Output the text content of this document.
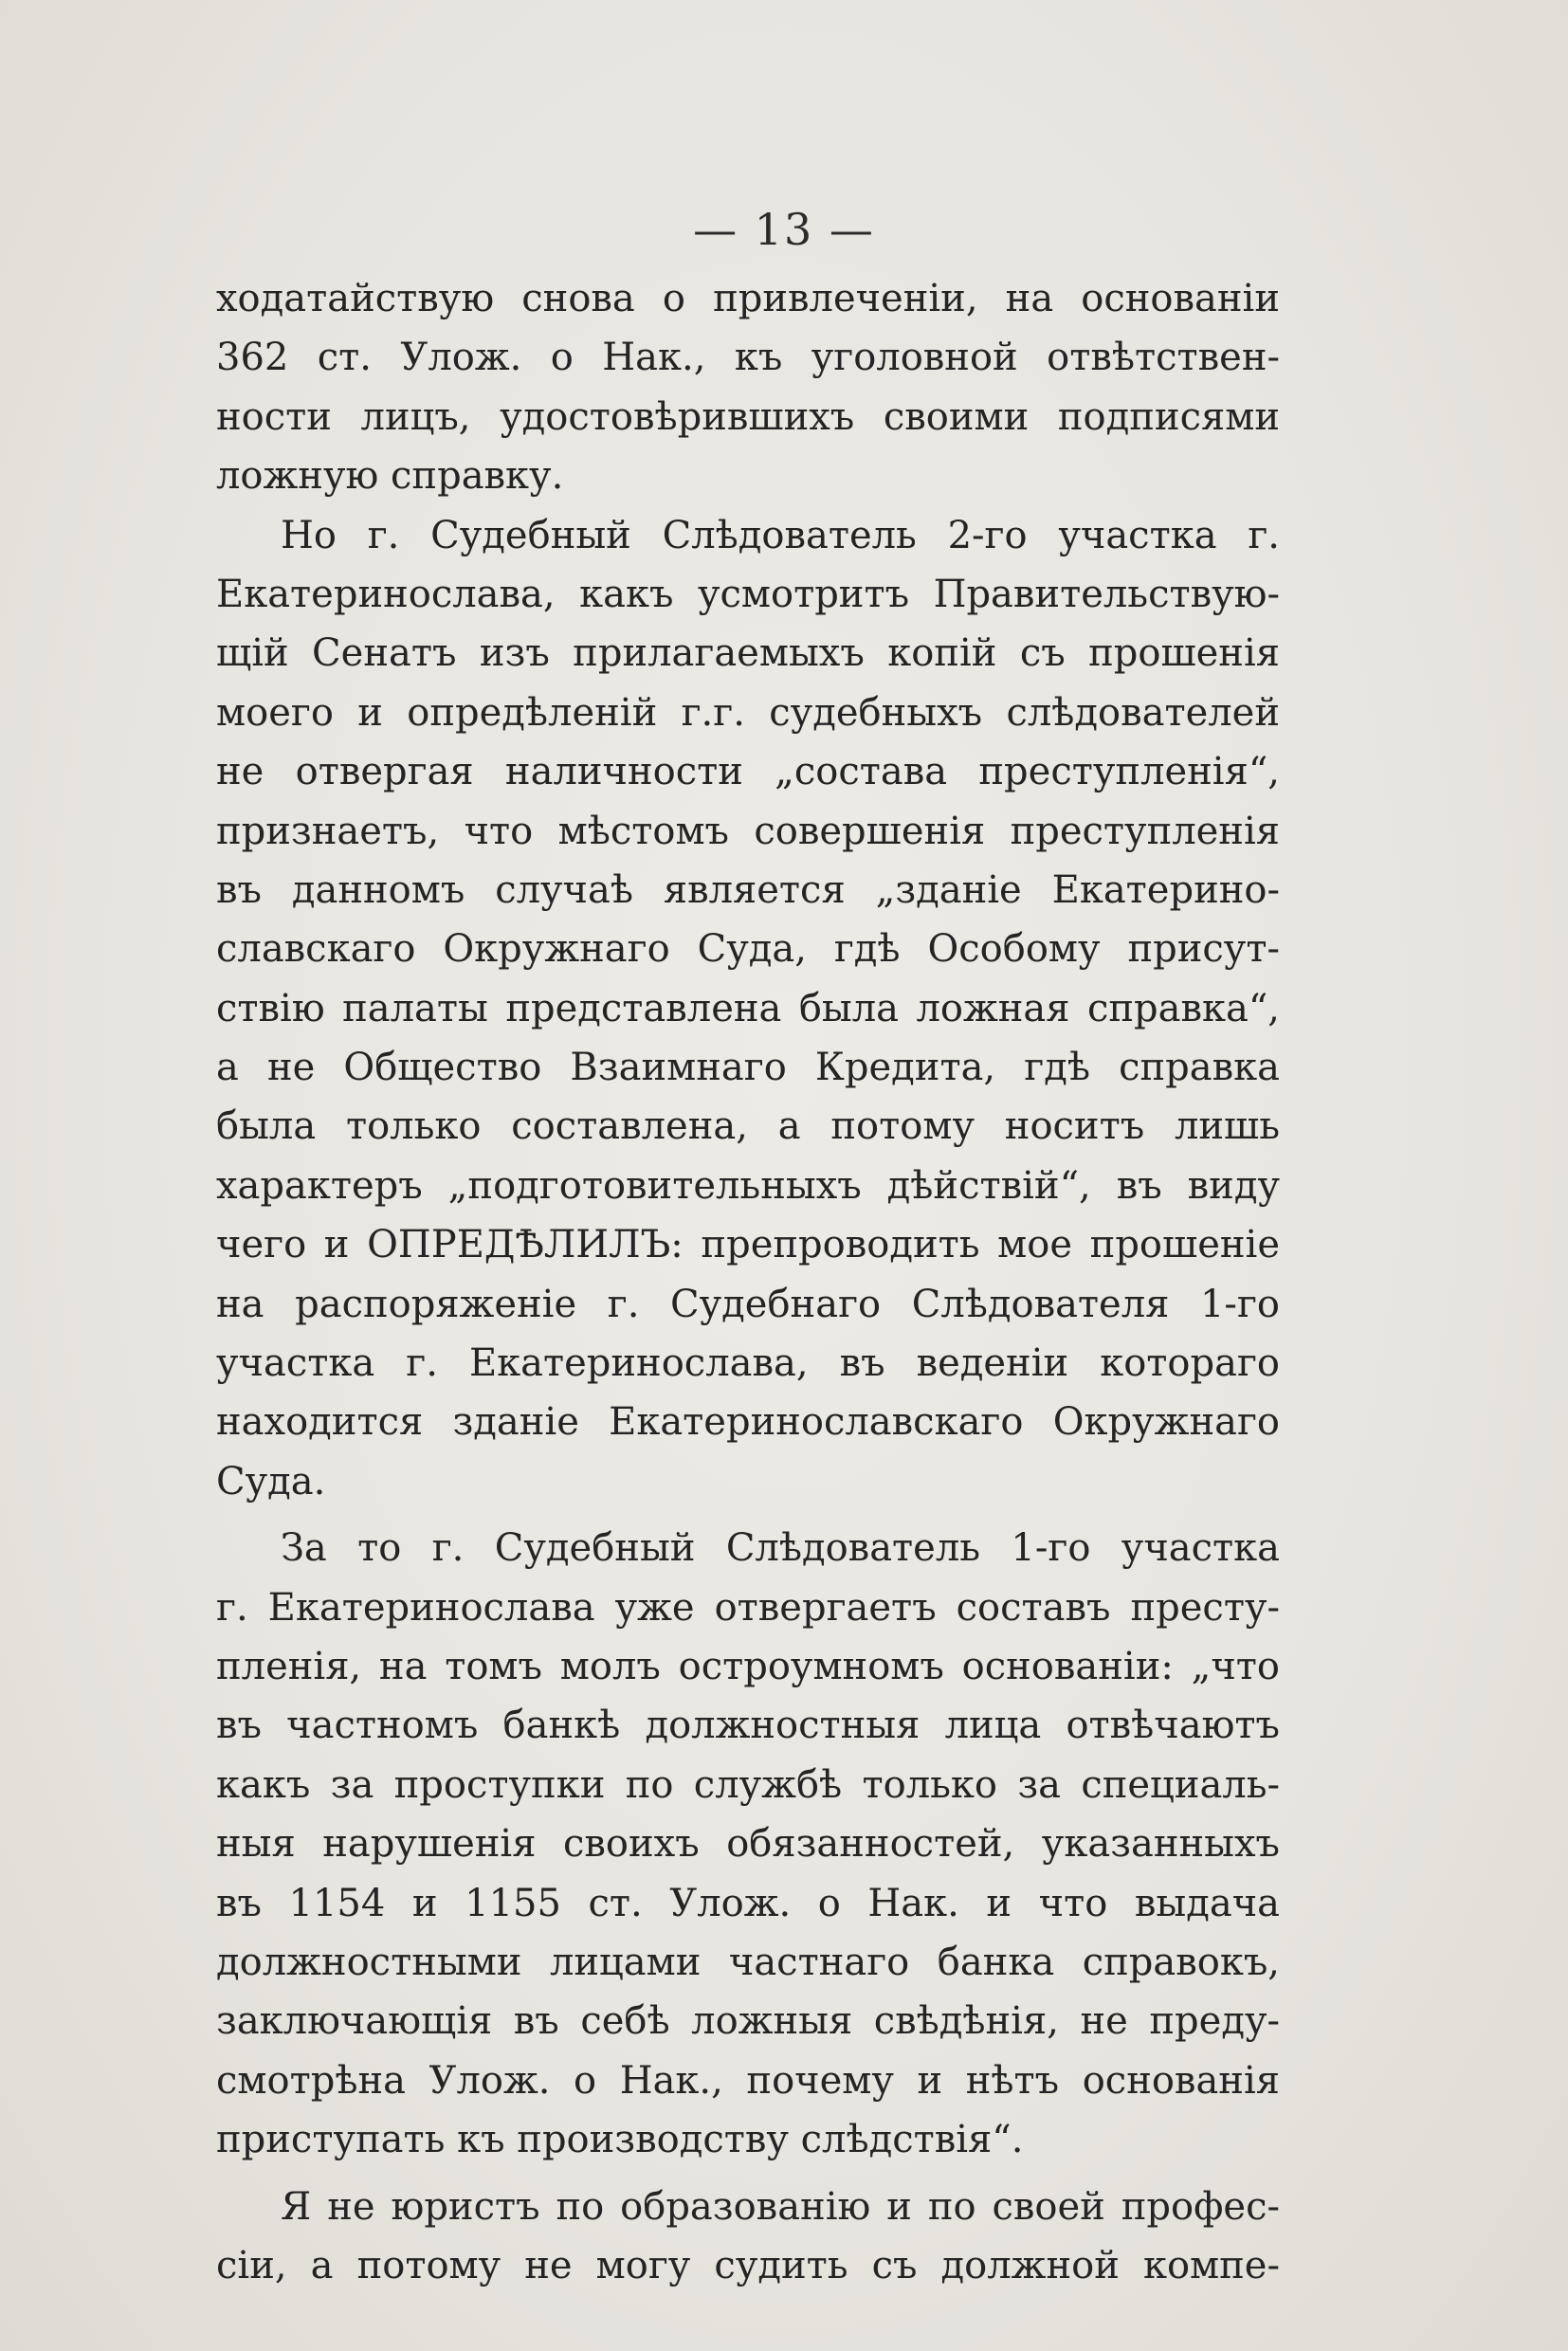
— 13 —
ходатайствую снова о привлеченіи, на основаніи
362 ст. Улож. о Нак., къ уголовной отвѣтствен-
ности лицъ, удостовѣрившихъ своими подписями
ложную справку.
Но г. Судебный Слѣдователь 2-го участка г.
Екатеринослава, какъ усмотритъ Правительствую-
щій Сенатъ изъ прилагаемыхъ копій съ прошенія
моего и опредѣленій г.г. судебныхъ слѣдователей
не отвергая наличности „состава преступленія“,
признаетъ, что мѣстомъ совершенія преступленія
въ данномъ случаѣ является „зданіе Екатерино-
славскаго Окружнаго Суда, гдѣ Особому присут-
ствію палаты представлена была ложная справка“,
а не Общество Взаимнаго Кредита, гдѣ справка
была только составлена, а потому носитъ лишь
характеръ „подготовительныхъ дѣйствій“, въ виду
чего и ОПРЕДѢЛИЛЪ: препроводить мое прошеніе
на распоряженіе г. Судебнаго Слѣдователя 1-го
участка г. Екатеринослава, въ веденіи котораго
находится зданіе Екатеринославскаго Окружнаго
Суда.
За то г. Судебный Слѣдователь 1-го участка
г. Екатеринослава уже отвергаетъ составъ престу-
пленія, на томъ молъ остроумномъ основаніи: „что
въ частномъ банкѣ должностныя лица отвѣчаютъ
какъ за проступки по службѣ только за специаль-
ныя нарушенія своихъ обязанностей, указанныхъ
въ 1154 и 1155 ст. Улож. о Нак. и что выдача
должностными лицами частнаго банка справокъ,
заключающія въ себѣ ложныя свѣдѣнія, не преду-
смотрѣна Улож. о Нак., почему и нѣтъ основанія
приступать къ производству слѣдствія“.
Я не юристъ по образованію и по своей профес-
сіи, а потому не могу судить съ должной компе-
